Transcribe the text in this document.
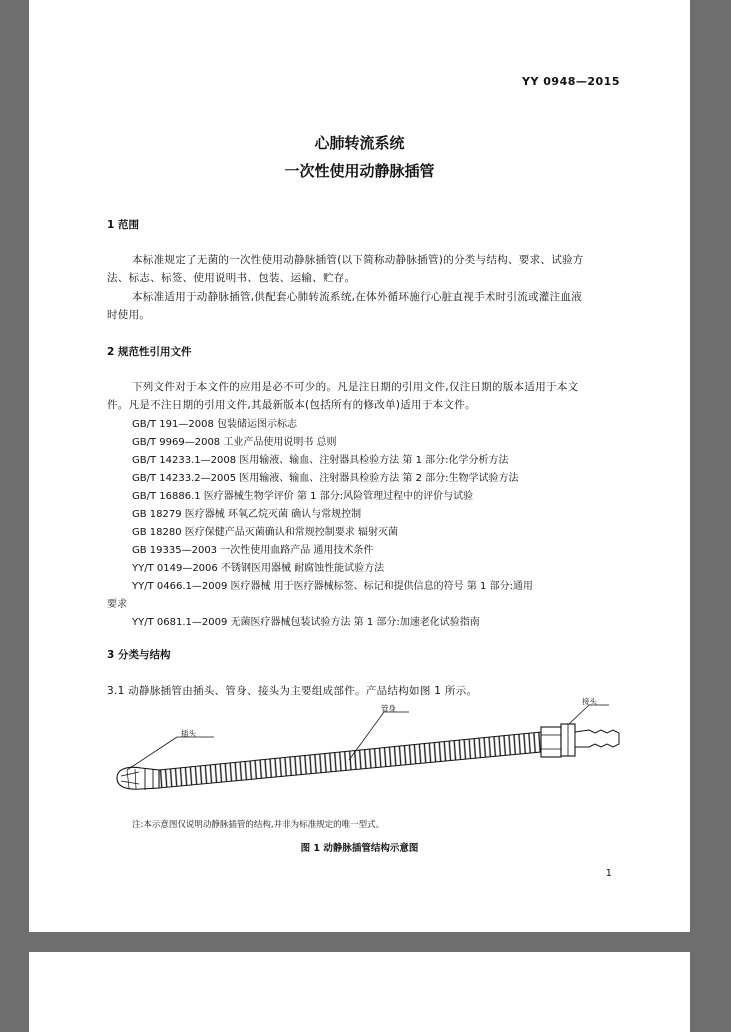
YY 0948—2015
心肺转流系统
一次性使用动静脉插管
1 范围
本标准规定了无菌的一次性使用动静脉插管(以下简称动静脉插管)的分类与结构、要求、试验方
法、标志、标签、使用说明书、包装、运输、贮存。
本标准适用于动静脉插管,供配套心肺转流系统,在体外循环施行心脏直视手术时引流或灌注血液
时使用。
2 规范性引用文件
下列文件对于本文件的应用是必不可少的。凡是注日期的引用文件,仅注日期的版本适用于本文
件。凡是不注日期的引用文件,其最新版本(包括所有的修改单)适用于本文件。
GB/T 191—2008 包装储运图示标志
GB/T 9969—2008 工业产品使用说明书 总则
GB/T 14233.1—2008 医用输液、输血、注射器具检验方法 第 1 部分:化学分析方法
GB/T 14233.2—2005 医用输液、输血、注射器具检验方法 第 2 部分:生物学试验方法
GB/T 16886.1 医疗器械生物学评价 第 1 部分:风险管理过程中的评价与试验
GB 18279 医疗器械 环氧乙烷灭菌 确认与常规控制
GB 18280 医疗保健产品灭菌确认和常规控制要求 辐射灭菌
GB 19335—2003 一次性使用血路产品 通用技术条件
YY/T 0149—2006 不锈钢医用器械 耐腐蚀性能试验方法
YY/T 0466.1—2009 医疗器械 用于医疗器械标签、标记和提供信息的符号 第 1 部分:通用
要求
YY/T 0681.1—2009 无菌医疗器械包装试验方法 第 1 部分:加速老化试验指南
3 分类与结构
3.1 动静脉插管由插头、管身、接头为主要组成部件。产品结构如图 1 所示。
插头
管身
接头
注:本示意图仅说明动静脉插管的结构,并非为标准规定的唯一型式。
图 1 动静脉插管结构示意图
1
